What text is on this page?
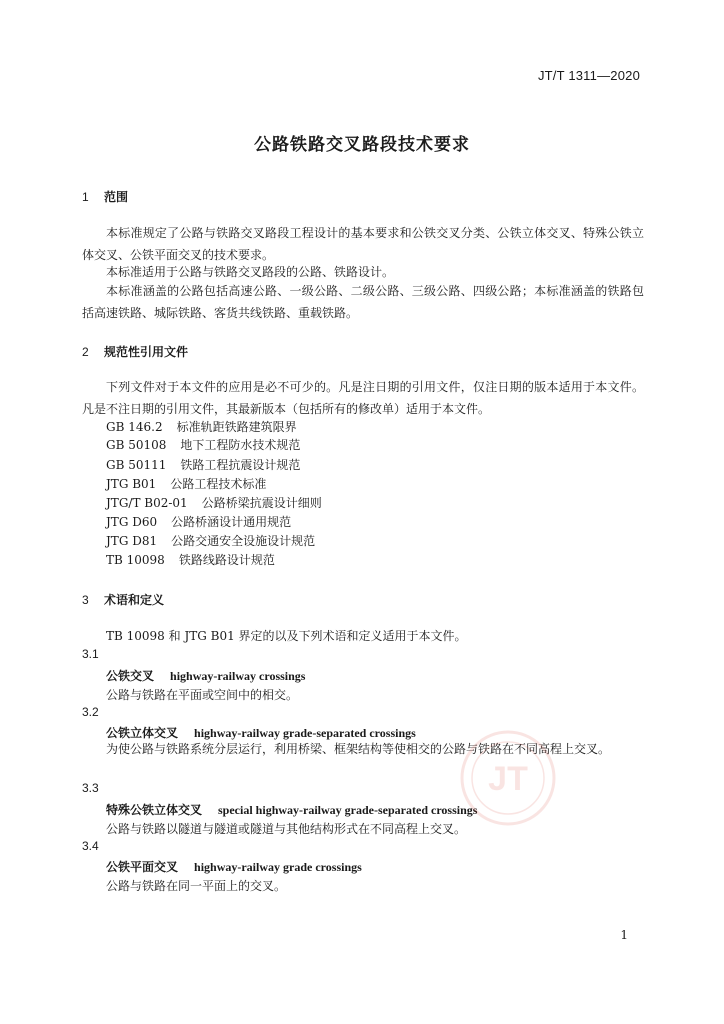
JT/T 1311—2020
公路铁路交叉路段技术要求
1 范围

本标准规定了公路与铁路交叉路段工程设计的基本要求和公铁交叉分类、公铁立体交叉、特殊公铁立体交叉、公铁平面交叉的技术要求。

本标准适用于公路与铁路交叉路段的公路、铁路设计。

本标准涵盖的公路包括高速公路、一级公路、二级公路、三级公路、四级公路；本标准涵盖的铁路包括高速铁路、城际铁路、客货共线铁路、重载铁路。

2 规范性引用文件

下列文件对于本文件的应用是必不可少的。凡是注日期的引用文件，仅注日期的版本适用于本文件。凡是不注日期的引用文件，其最新版本（包括所有的修改单）适用于本文件。

GB 146.2 标准轨距铁路建筑限界
GB 50108 地下工程防水技术规范
GB 50111 铁路工程抗震设计规范
JTG B01 公路工程技术标准
JTG/T B02-01 公路桥梁抗震设计细则
JTG D60 公路桥涵设计通用规范
JTG D81 公路交通安全设施设计规范
TB 10098 铁路线路设计规范
3 术语和定义
TB 10098 和 JTG B01 界定的以及下列术语和定义适用于本文件。
3.1
公铁交叉 highway-railway crossings
公路与铁路在平面或空间中的相交。
3.2
公铁立体交叉 highway-railway grade-separated crossings

为使公路与铁路系统分层运行，利用桥梁、框架结构等使相交的公路与铁路在不同高程上交叉。

3.3
特殊公铁立体交叉 special highway-railway grade-separated crossings
公路与铁路以隧道与隧道或隧道与其他结构形式在不同高程上交叉。
3.4
公铁平面交叉 highway-railway grade crossings
公路与铁路在同一平面上的交叉。
JT
1
